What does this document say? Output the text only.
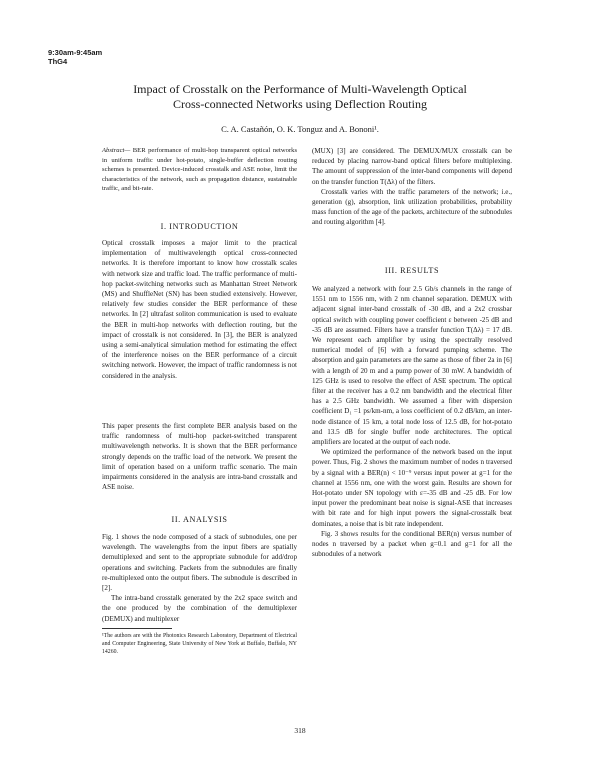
9:30am-9:45am
ThG4
Impact of Crosstalk on the Performance of Multi-Wavelength Optical
Cross-connected Networks using Deflection Routing
C. A. Castañón, O. K. Tonguz and A. Bononi¹.

Abstract— BER performance of multi-hop transparent optical networks in uniform traffic under hot-potato, single-buffer deflection routing schemes is presented. Device-induced crosstalk and ASE noise, limit the characteristics of the network, such as propagation distance, sustainable traffic, and bit-rate.

I. INTRODUCTION

Optical crosstalk imposes a major limit to the practical implementation of multiwavelength optical cross-connected networks. It is therefore important to know how crosstalk scales with network size and traffic load. The traffic performance of multi-hop packet-switching networks such as Manhattan Street Network (MS) and ShuffleNet (SN) has been studied extensively. However, relatively few studies consider the BER performance of these networks. In [2] ultrafast soliton communication is used to evaluate the BER in multi-hop networks with deflection routing, but the impact of crosstalk is not considered. In [3], the BER is analyzed using a semi-analytical simulation method for estimating the effect of the interference noises on the BER performance of a circuit switching network. However, the impact of traffic randomness is not considered in the analysis.

This paper presents the first complete BER analysis based on the traffic randomness of multi-hop packet-switched transparent multiwavelength networks. It is shown that the BER performance strongly depends on the traffic load of the network. We present the limit of operation based on a uniform traffic scenario. The main impairments considered in the analysis are intra-band crosstalk and ASE noise.

II. ANALYSIS

Fig. 1 shows the node composed of a stack of subnodules, one per wavelength. The wavelengths from the input fibers are spatially demultiplexed and sent to the appropriate subnodule for add/drop operations and switching. Packets from the subnodules are finally re-multiplexed onto the output fibers. The subnodule is described in [2].

The intra-band crosstalk generated by the 2x2 space switch and the one produced by the combination of the demultiplexer (DEMUX) and multiplexer

¹The authors are with the Photonics Research Laboratory, Department of Electrical and Computer Engineering, State University of New York at Buffalo, Buffalo, NY 14260.

(MUX) [3] are considered. The DEMUX/MUX crosstalk can be reduced by placing narrow-band optical filters before multiplexing. The amount of suppression of the inter-band components will depend on the transfer function T(Δλ) of the filters.

Crosstalk varies with the traffic parameters of the network; i.e., generation (g), absorption, link utilization probabilities, probability mass function of the age of the packets, architecture of the subnodules and routing algorithm [4].

III. RESULTS

We analyzed a network with four 2.5 Gb/s channels in the range of 1551 nm to 1556 nm, with 2 nm channel separation. DEMUX with adjacent signal inter-band crosstalk of -30 dB, and a 2x2 crossbar optical switch with coupling power coefficient ε between -25 dB and -35 dB are assumed. Filters have a transfer function T(Δλ) = 17 dB. We represent each amplifier by using the spectrally resolved numerical model of [6] with a forward pumping scheme. The absorption and gain parameters are the same as those of fiber 2a in [6] with a length of 20 m and a pump power of 30 mW. A bandwidth of 125 GHz is used to resolve the effect of ASE spectrum. The optical filter at the receiver has a 0.2 nm bandwidth and the electrical filter has a 2.5 GHz bandwidth. We assumed a fiber with dispersion coefficient D₁ =1 ps/km-nm, a loss coefficient of 0.2 dB/km, an inter-node distance of 15 km, a total node loss of 12.5 dB, for hot-potato and 13.5 dB for single buffer node architectures. The optical amplifiers are located at the output of each node.

We optimized the performance of the network based on the input power. Thus, Fig. 2 shows the maximum number of nodes n traversed by a signal with a BER(n) < 10⁻⁹ versus input power at g=1 for the channel at 1556 nm, one with the worst gain. Results are shown for Hot-potato under SN topology with ε=-35 dB and -25 dB. For low input power the predominant beat noise is signal-ASE that increases with bit rate and for high input powers the signal-crosstalk beat dominates, a noise that is bit rate independent.

Fig. 3 shows results for the conditional BER(n) versus number of nodes n traversed by a packet when g=0.1 and g=1 for all the subnodules of a network

318
